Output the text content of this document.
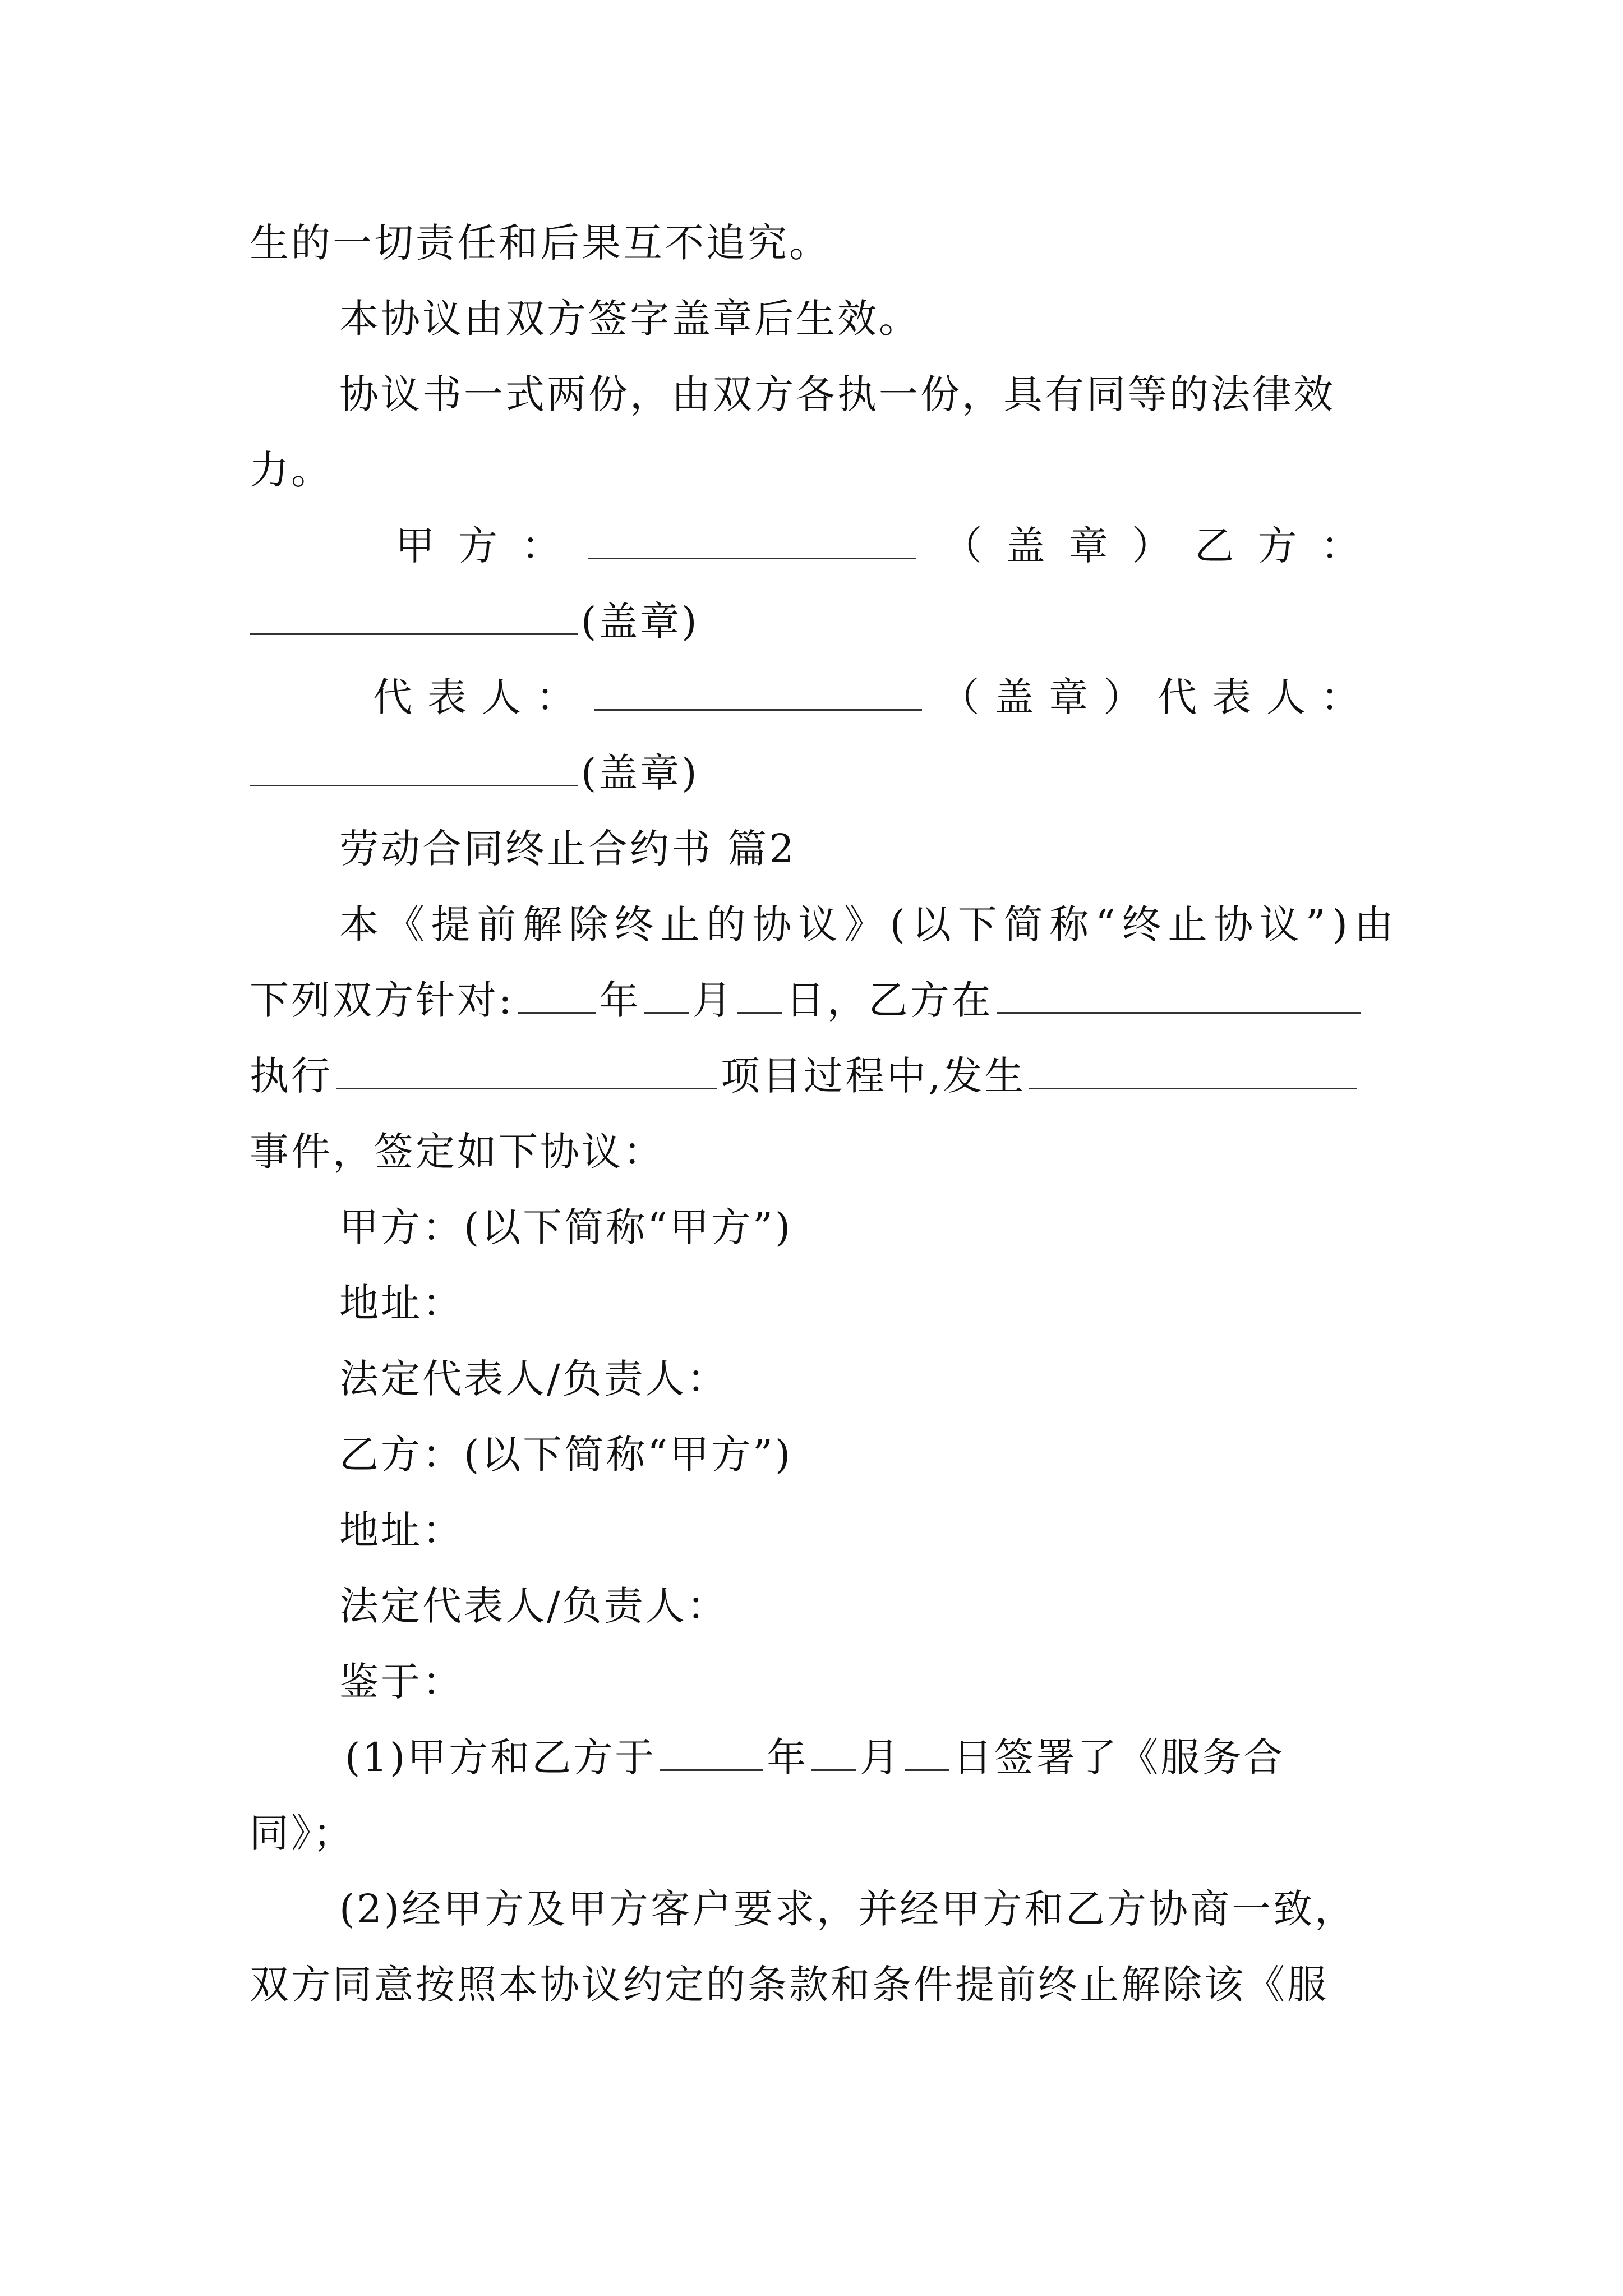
生的一切责任和后果互不追究。
本协议由双方签字盖章后生效。
协议书一式两份，由双方各执一份，具有同等的法律效
力。
甲 方 ：	（ 盖 章 ） 乙 方 ：
(盖章)
代 表 人 ：	（ 盖 章 ） 代 表 人 ：
(盖章)
劳动合同终止合约书 篇2
本 《 提 前 解 除 终 止 的 协 议 》 ( 以 下 简 称 “ 终 止 协 议 ” ) 由
下列双方针对: 年 月 日，乙方在
执行	项目过程中,发生
事件，签定如下协议：
甲方：(以下简称“甲方”)
地址：
法定代表人/负责人：
乙方：(以下简称“甲方”)
地址：
法定代表人/负责人：
鉴于：
(1)甲方和乙方于	年 月 日签署了《服务合
同》；
(2)经甲方及甲方客户要求，并经甲方和乙方协商一致，
双方同意按照本协议约定的条款和条件提前终止解除该《服
